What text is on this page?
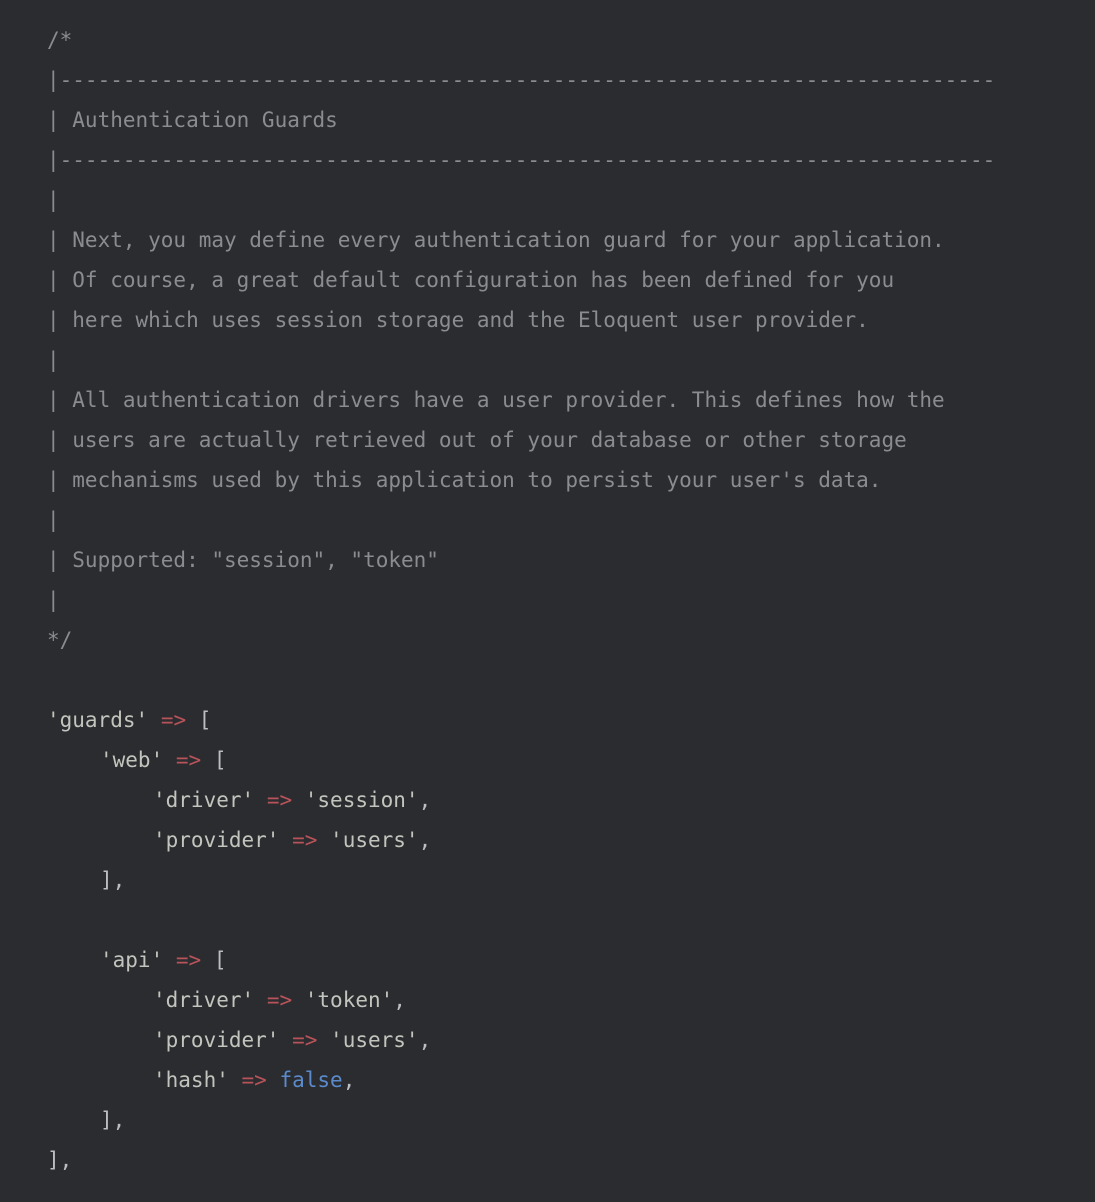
/*
|--------------------------------------------------------------------------
| Authentication Guards
|--------------------------------------------------------------------------
|
| Next, you may define every authentication guard for your application.
| Of course, a great default configuration has been defined for you
| here which uses session storage and the Eloquent user provider.
|
| All authentication drivers have a user provider. This defines how the
| users are actually retrieved out of your database or other storage
| mechanisms used by this application to persist your user's data.
|
| Supported: "session", "token"
|
*/
'guards' => [
'web' => [
'driver' => 'session',
'provider' => 'users',
],
'api' => [
'driver' => 'token',
'provider' => 'users',
'hash' => false,
],
],
